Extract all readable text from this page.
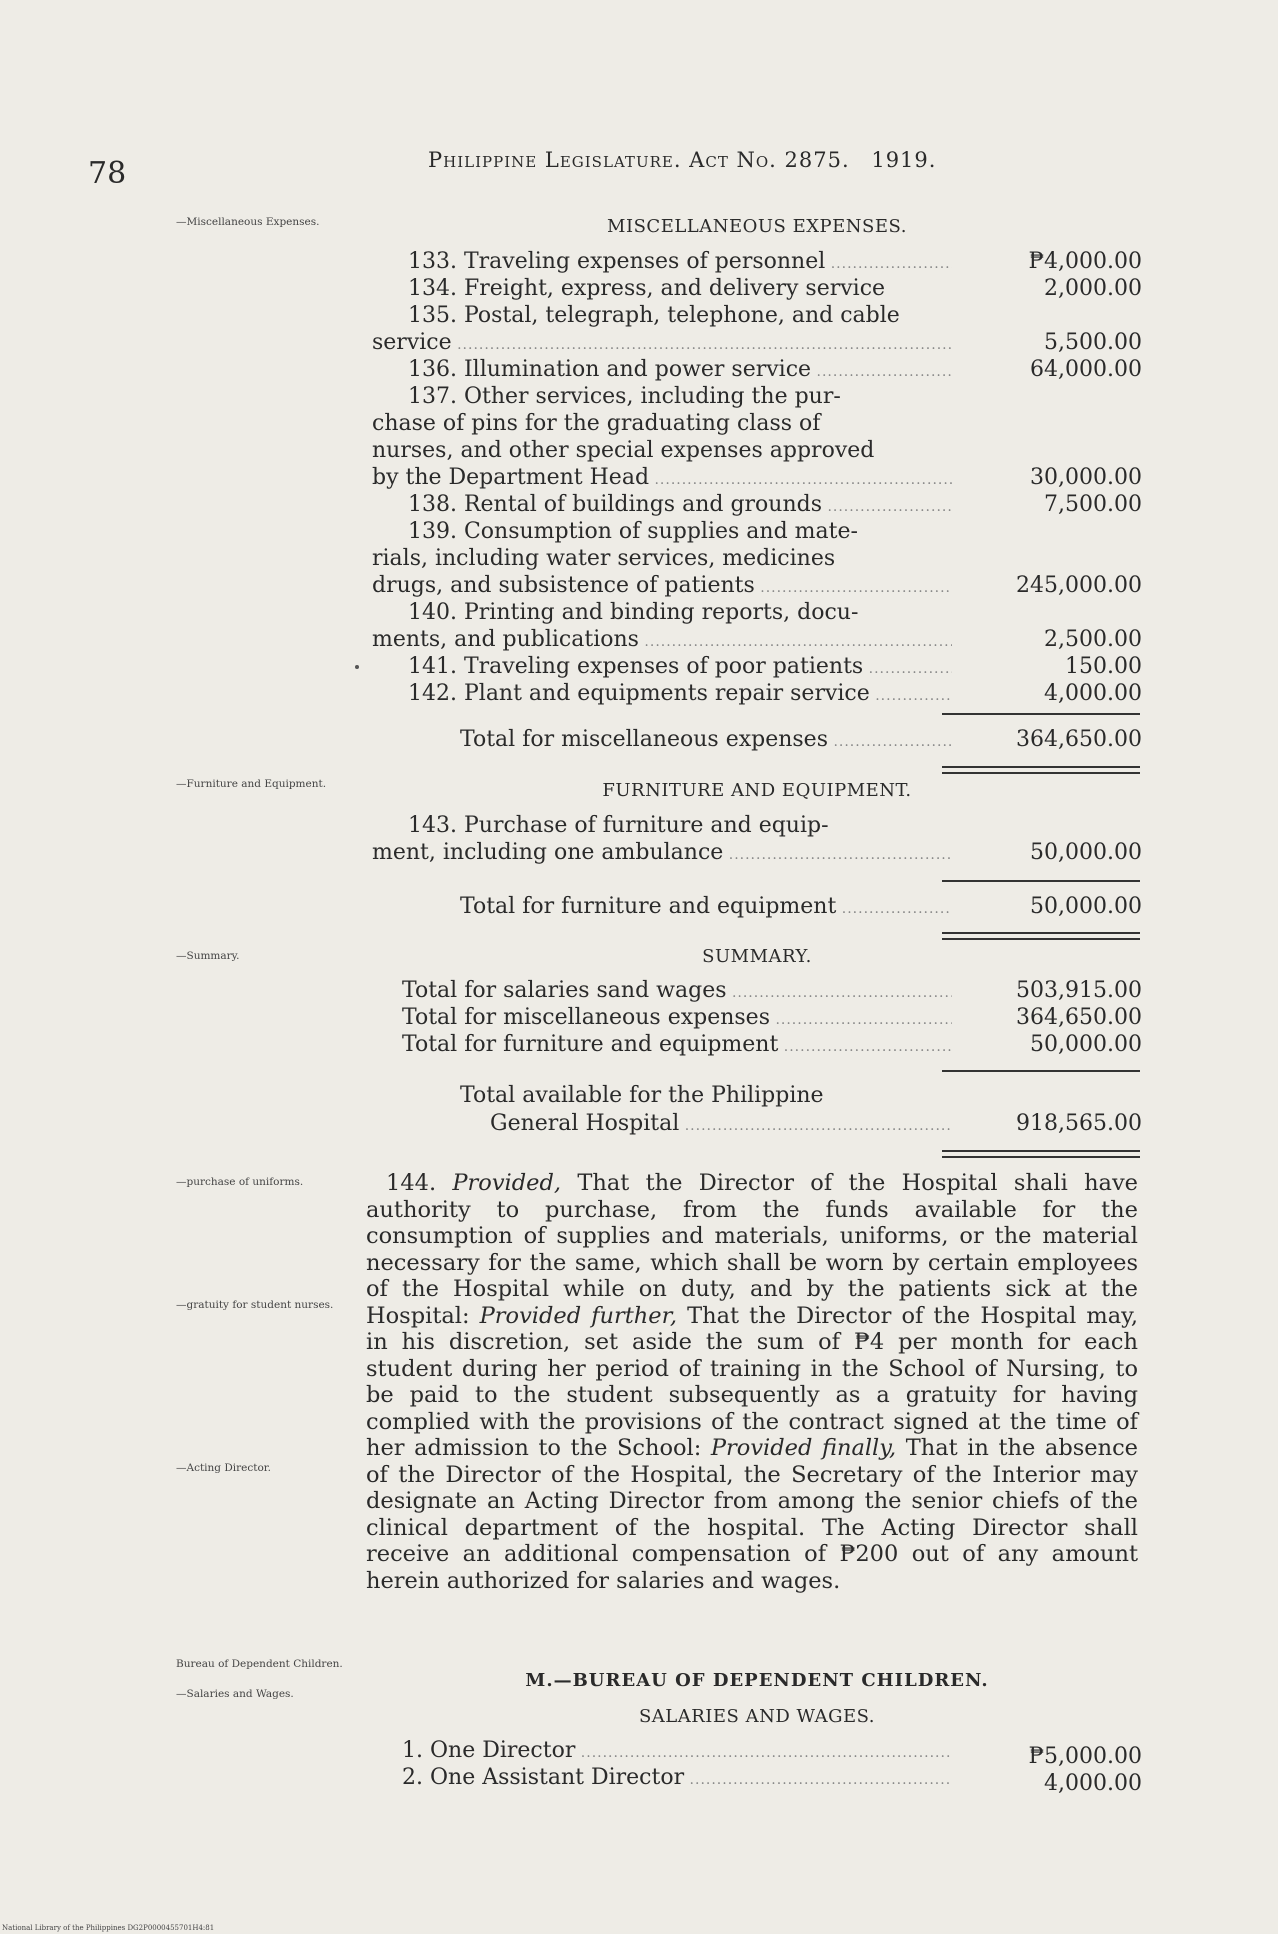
78	Philippine Legislature. Act No. 2875. 1919.
—Miscellaneous Expenses.
—Furniture and Equipment.
—Summary.
—purchase of uniforms.
—gratuity for student nurses.
—Acting Director.
Bureau of Dependent Children.
—Salaries and Wages.
MISCELLANEOUS EXPENSES.
133. Traveling expenses of personnel .....	₱4,000.00
134. Freight, express, and delivery service	2,000.00
135. Postal, telegraph, telephone, and cable
service .....	5,500.00
136. Illumination and power service .....	64,000.00
137. Other services, including the pur-
chase of pins for the graduating class of
nurses, and other special expenses approved
by the Department Head .....	30,000.00
138. Rental of buildings and grounds .....	7,500.00
139. Consumption of supplies and mate-
rials, including water services, medicines
drugs, and subsistence of patients .....	245,000.00
140. Printing and binding reports, docu-
ments, and publications .....	2,500.00
141. Traveling expenses of poor patients .....	150.00
142. Plant and equipments repair service .....	4,000.00
Total for miscellaneous expenses .....	364,650.00
FURNITURE AND EQUIPMENT.
143. Purchase of furniture and equip-
ment, including one ambulance .....	50,000.00
Total for furniture and equipment .....	50,000.00
SUMMARY.
Total for salaries sand wages .....	503,915.00
Total for miscellaneous expenses .....	364,650.00
Total for furniture and equipment .....	50,000.00
Total available for the Philippine
General Hospital .....	918,565.00
144. Provided, That the Director of the Hospital shali have authority to purchase, from the funds available for the consumption of supplies and materials, uniforms, or the material necessary for the same, which shall be worn by certain employees of the Hospital while on duty, and by the patients sick at the Hospital: Provided further, That the Director of the Hospital may, in his discretion, set aside the sum of ₱4 per month for each student during her period of training in the School of Nursing, to be paid to the student subsequently as a gratuity for having complied with the provisions of the contract signed at the time of her admission to the School: Provided finally, That in the absence of the Director of the Hospital, the Secretary of the Interior may designate an Acting Director from among the senior chiefs of the clinical department of the hospital. The Acting Director shall receive an additional compensation of ₱200 out of any amount herein authorized for salaries and wages.
M.—BUREAU OF DEPENDENT CHILDREN.
SALARIES AND WAGES.
1. One Director .....	₱5,000.00
2. One Assistant Director .....	4,000.00
National Library of the Philippines DG2P0000455701H4:81
